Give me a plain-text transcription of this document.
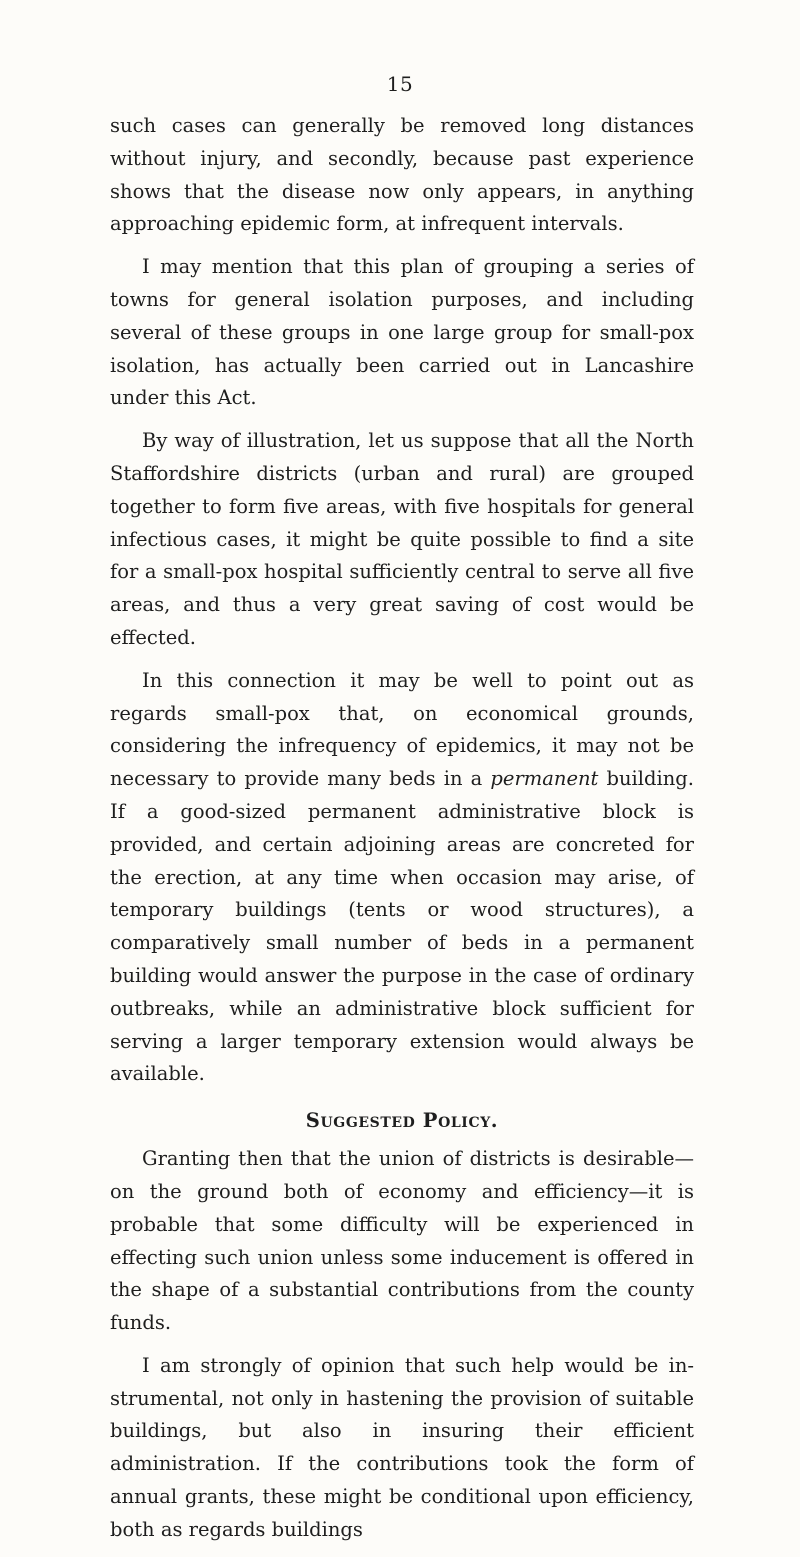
15

such cases can generally be removed long distances without injury, and secondly, because past experience shows that the disease now only appears, in anything approaching epidemic form, at infrequent intervals.

I may mention that this plan of grouping a series of towns for general isolation purposes, and including several of these groups in one large group for small-pox isolation, has actually been carried out in Lancashire under this Act.

By way of illustration, let us suppose that all the North Staffordshire districts (urban and rural) are grouped together to form five areas, with five hospitals for general infectious cases, it might be quite possible to find a site for a small-pox hospital sufficiently central to serve all five areas, and thus a very great saving of cost would be effected.

In this connection it may be well to point out as regards small-pox that, on economical grounds, considering the infrequency of epidemics, it may not be necessary to provide many beds in a permanent building. If a good-sized permanent administrative block is provided, and certain adjoining areas are concreted for the erection, at any time when occasion may arise, of temporary buildings (tents or wood structures), a comparatively small number of beds in a permanent building would answer the purpose in the case of ordinary outbreaks, while an administrative block sufficient for serving a larger temporary extension would always be available.

Suggested Policy.

Granting then that the union of districts is desirable—on the ground both of economy and efficiency—it is probable that some difficulty will be experienced in effecting such union unless some inducement is offered in the shape of a substantial contributions from the county funds.

I am strongly of opinion that such help would be instrumental, not only in hastening the provision of suitable buildings, but also in insuring their efficient administration. If the contributions took the form of annual grants, these might be conditional upon efficiency, both as regards buildings
